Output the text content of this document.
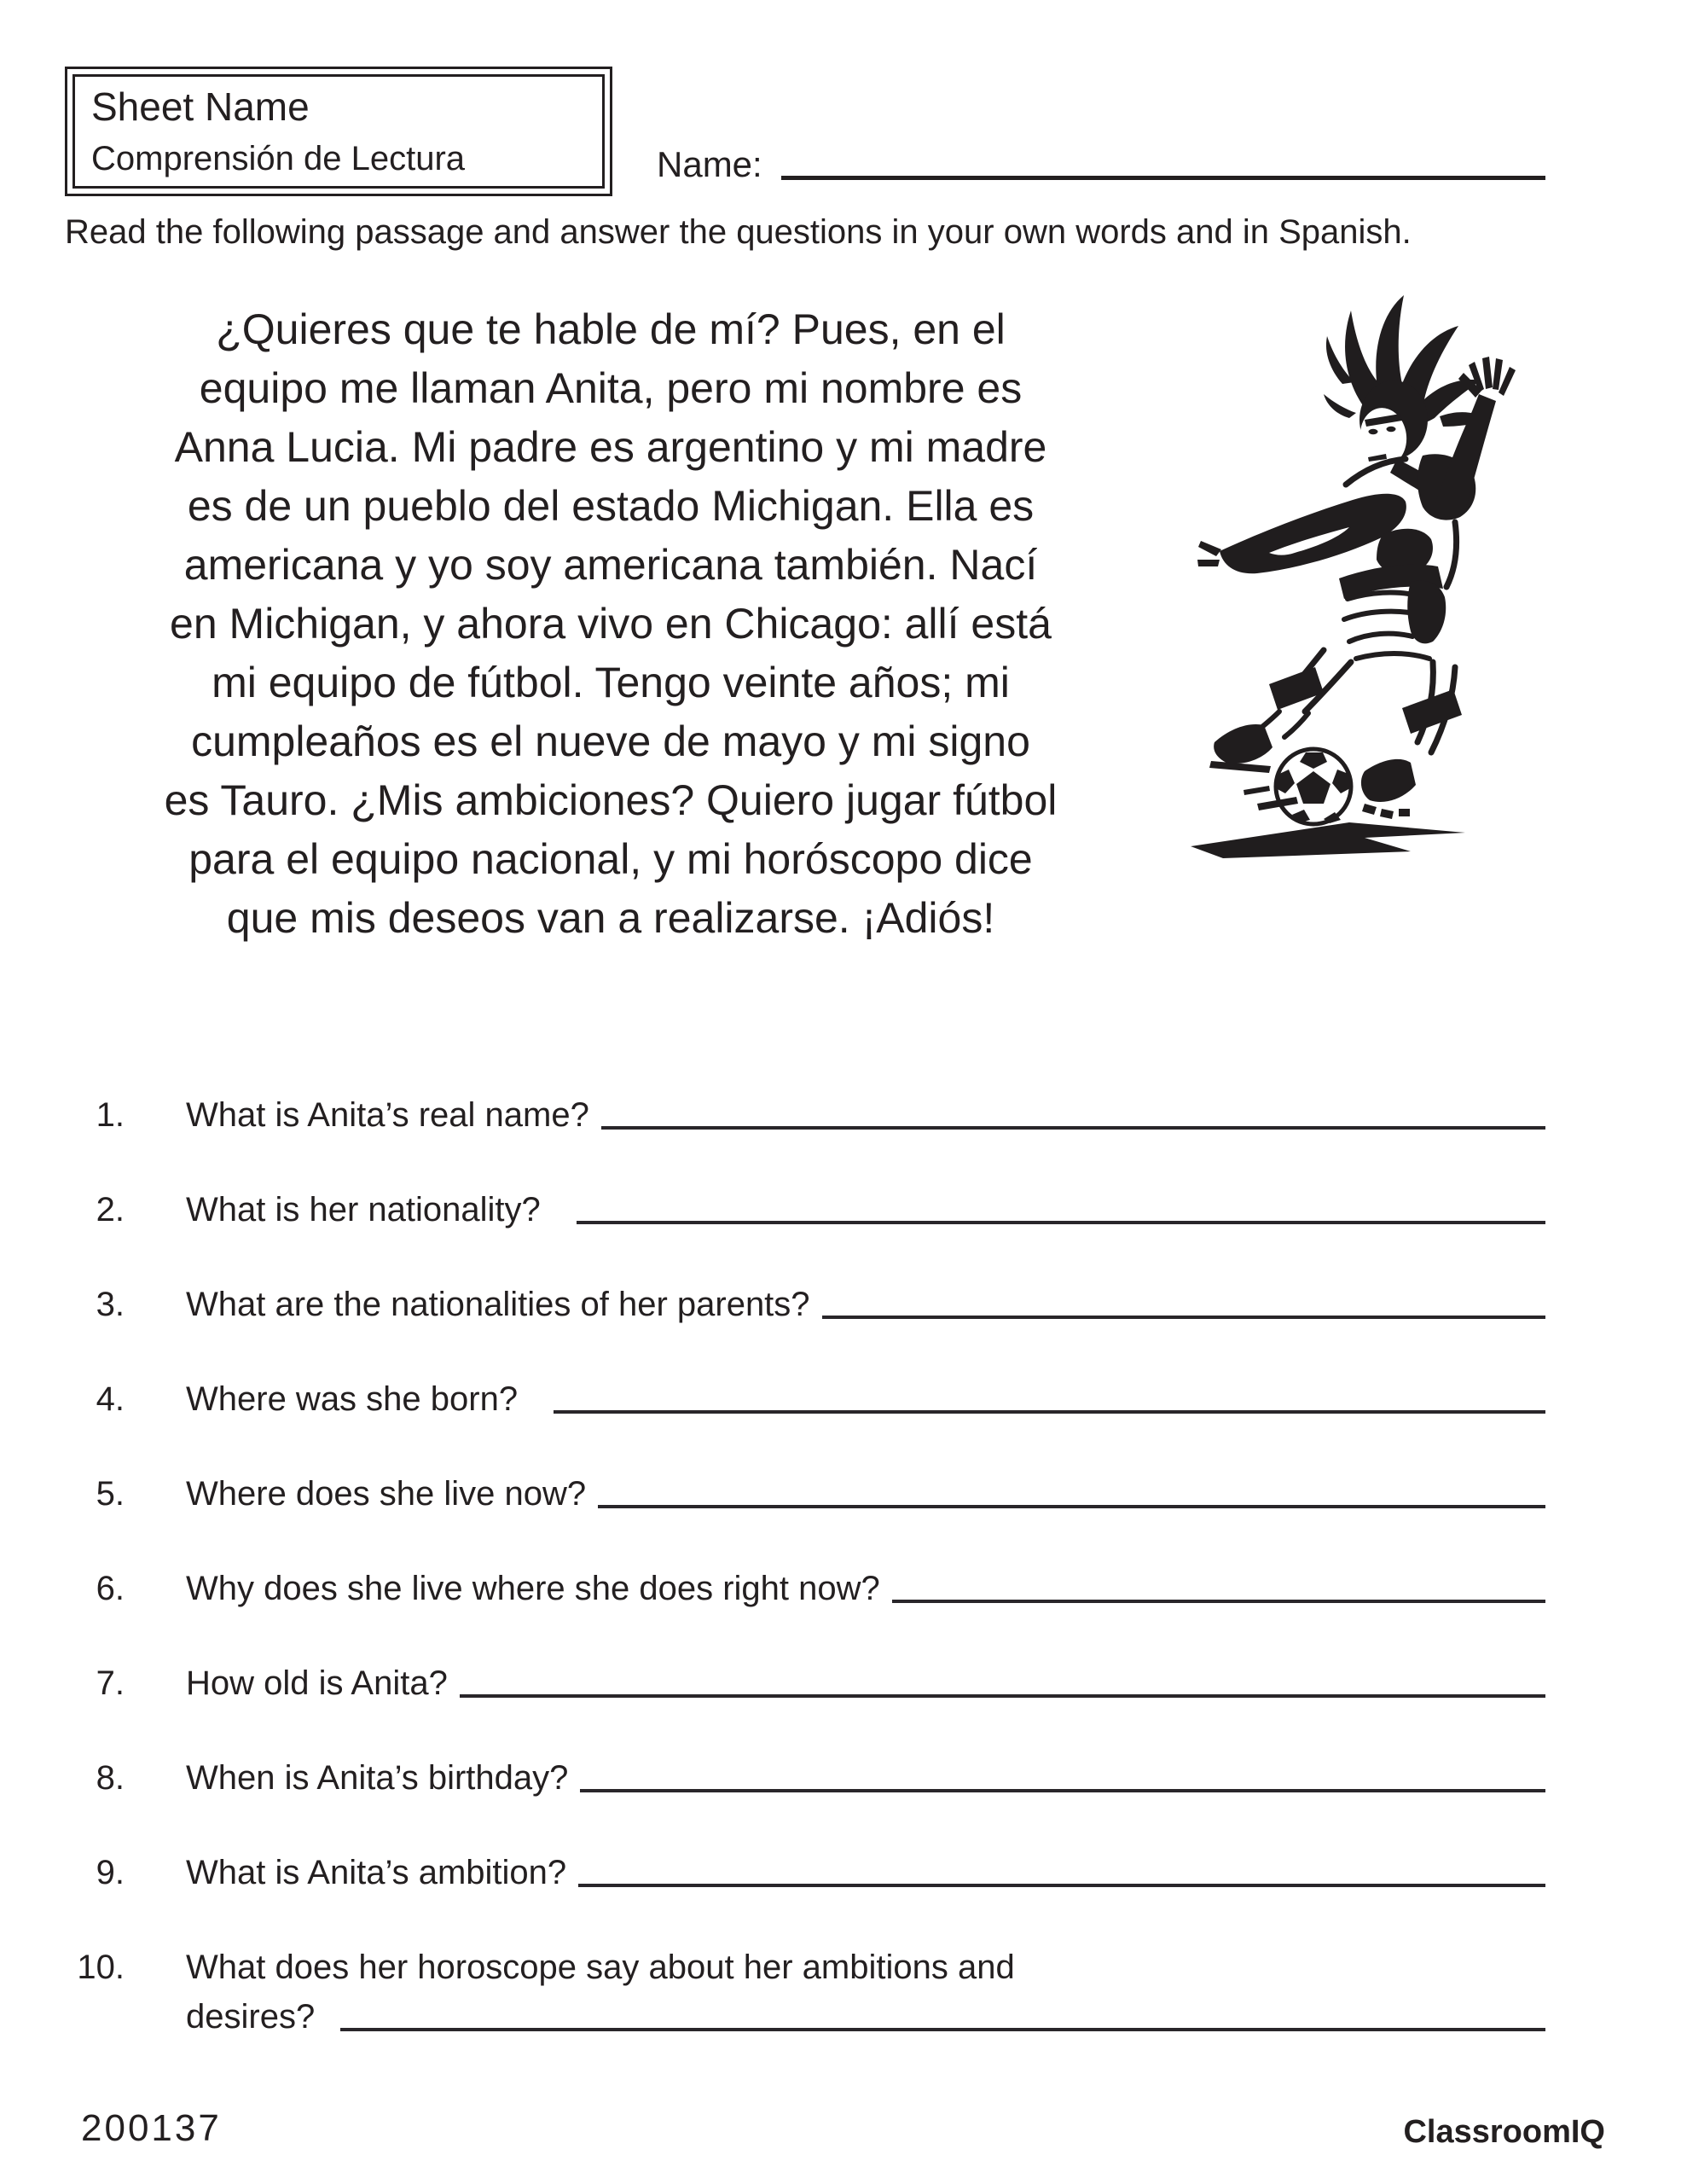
Sheet Name
Comprensión de Lectura	Name:
Read the following passage and answer the questions in your own words and in Spanish.
¿Quieres que te hable de mí? Pues, en el
equipo me llaman Anita, pero mi nombre es
Anna Lucia. Mi padre es argentino y mi madre
es de un pueblo del estado Michigan. Ella es
americana y yo soy americana también. Nací
en Michigan, y ahora vivo en Chicago: allí está
mi equipo de fútbol. Tengo veinte años; mi
cumpleaños es el nueve de mayo y mi signo
es Tauro. ¿Mis ambiciones? Quiero jugar fútbol
para el equipo nacional, y mi horóscopo dice
que mis deseos van a realizarse. ¡Adiós!
1. What is Anita’s real name?
2. What is her nationality?
3. What are the nationalities of her parents?
4. Where was she born?
5. Where does she live now?
6. Why does she live where she does right now?
7. How old is Anita?
8. When is Anita’s birthday?
9. What is Anita’s ambition?
10. What does her horoscope say about her ambitions and
desires?
200137	ClassroomIQ
